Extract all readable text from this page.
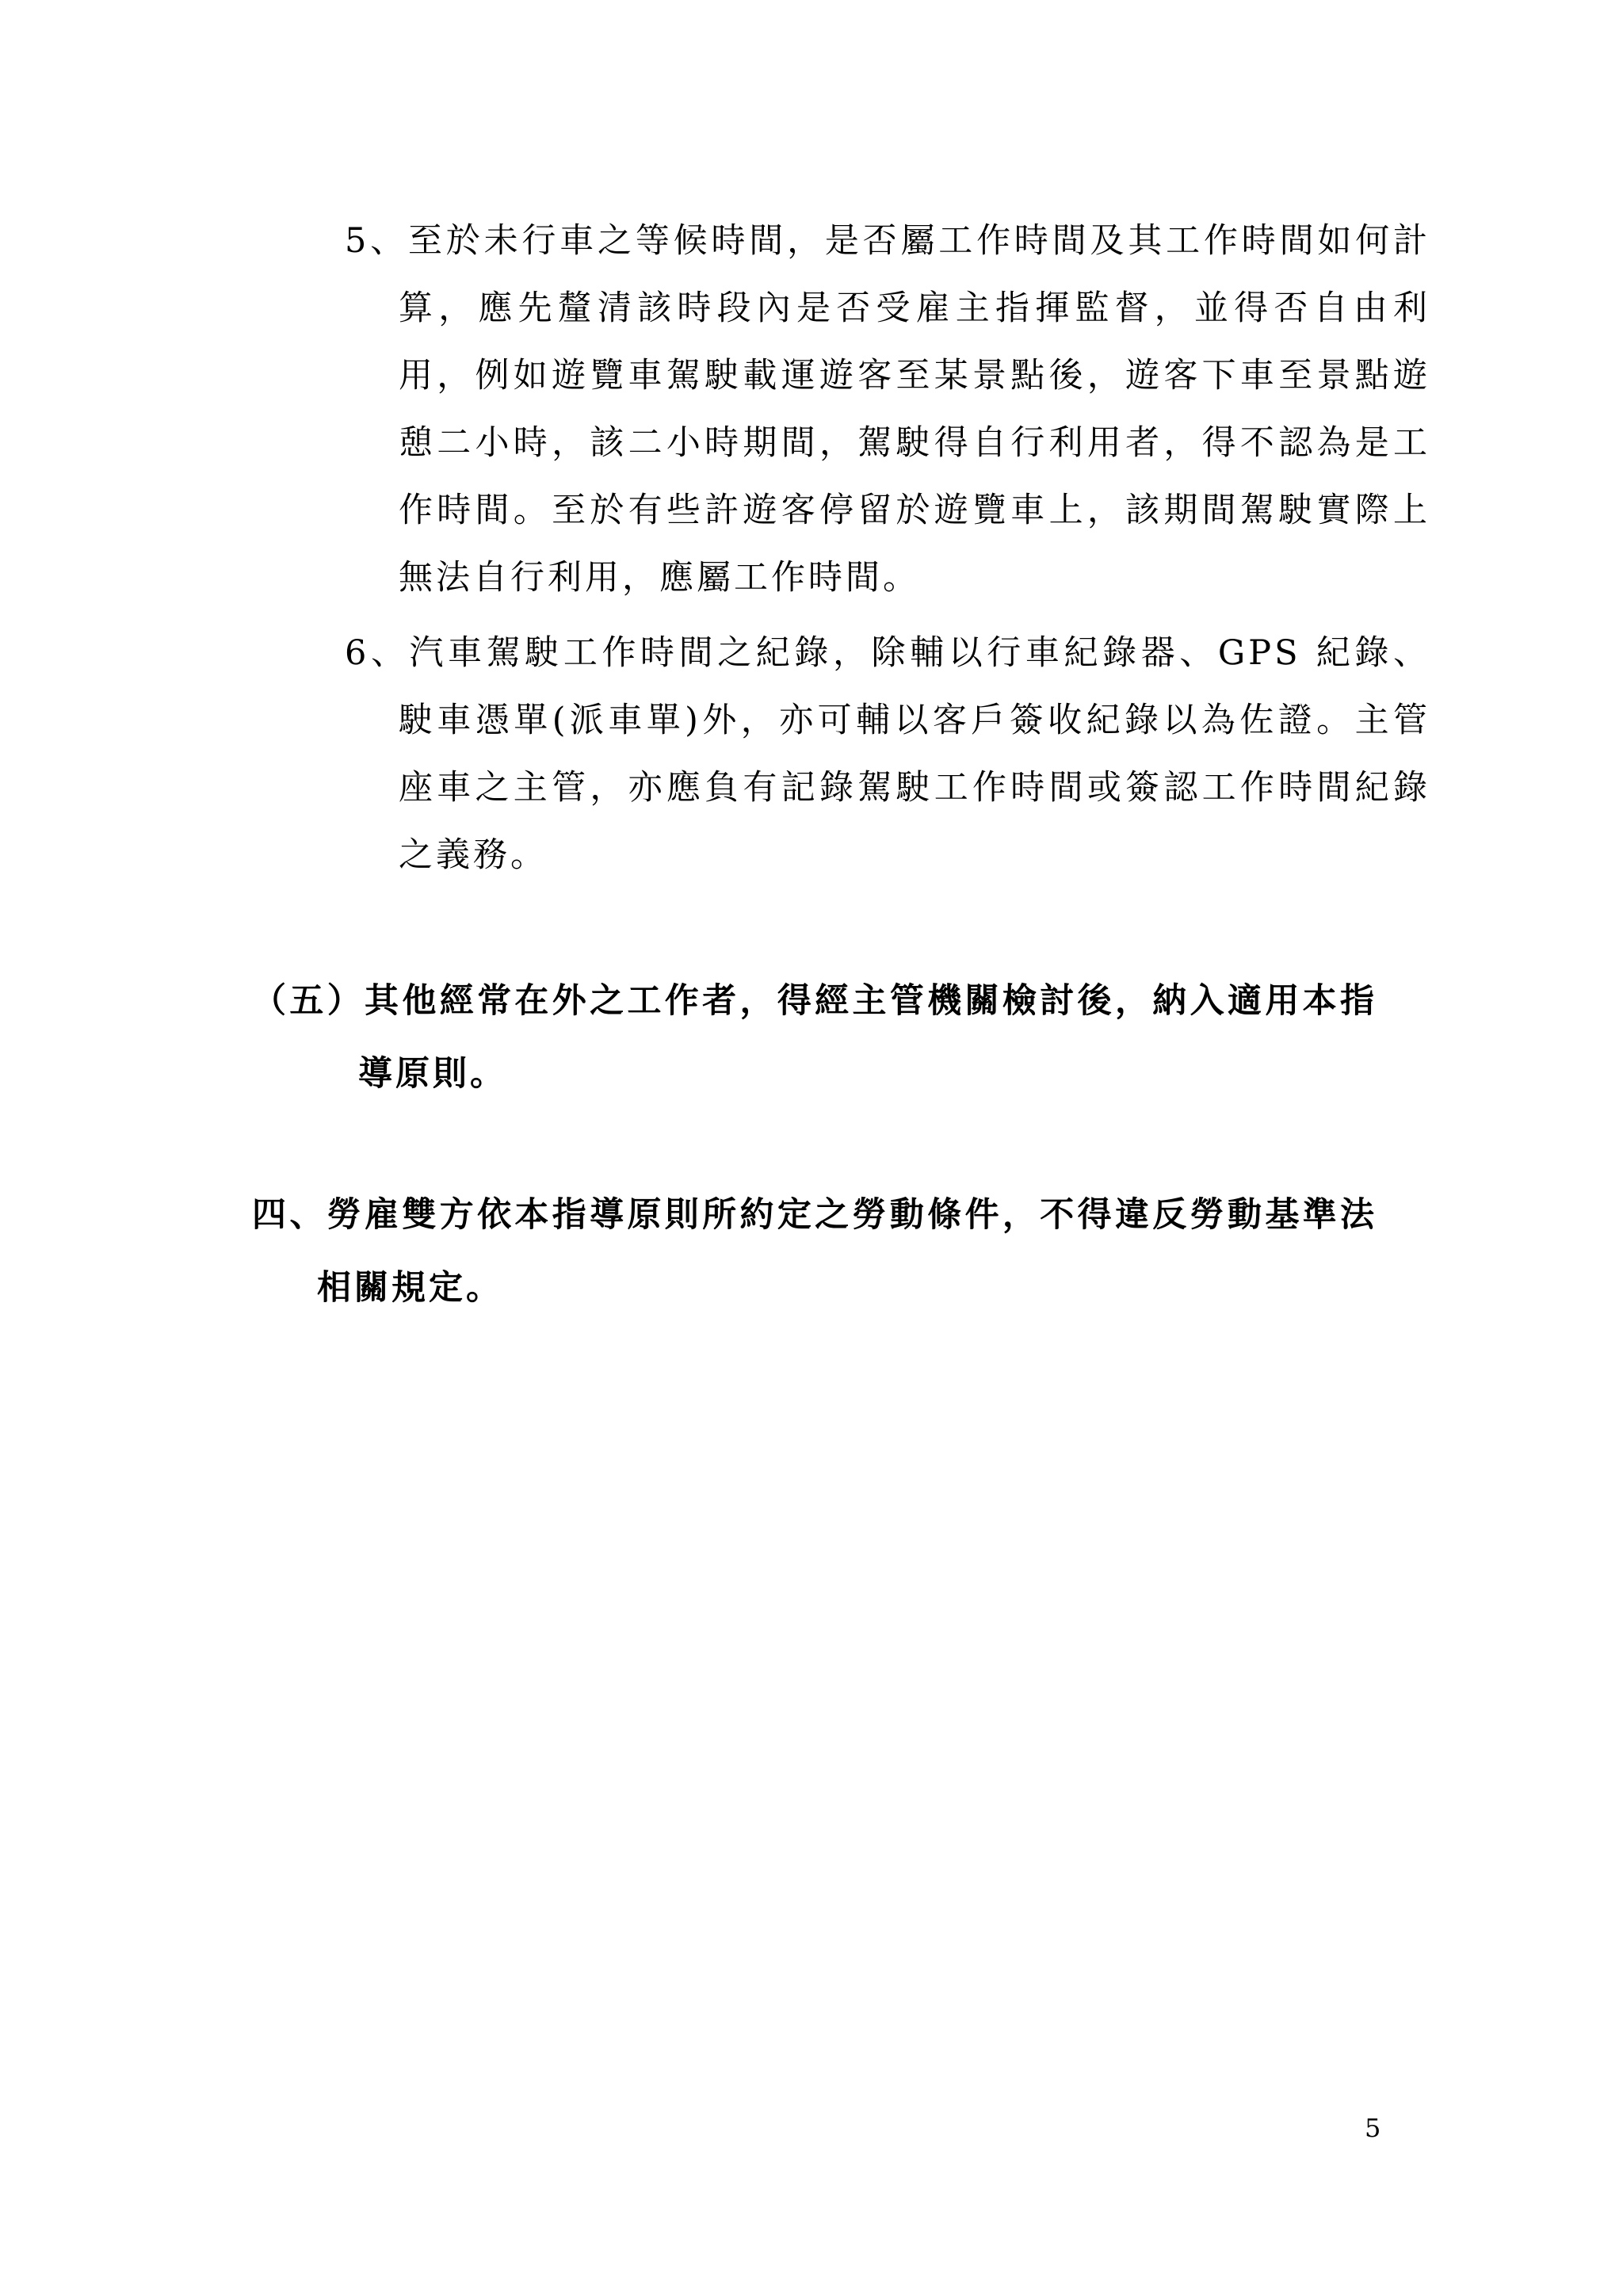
5、至於未行車之等候時間，是否屬工作時間及其工作時間如何計算，應先釐清該時段內是否受雇主指揮監督，並得否自由利用，例如遊覽車駕駛載運遊客至某景點後，遊客下車至景點遊憩二小時，該二小時期間，駕駛得自行利用者，得不認為是工作時間。至於有些許遊客停留於遊覽車上，該期間駕駛實際上無法自行利用，應屬工作時間。
6、汽車駕駛工作時間之紀錄，除輔以行車紀錄器、GPS 紀錄、駛車憑單(派車單)外，亦可輔以客戶簽收紀錄以為佐證。主管座車之主管，亦應負有記錄駕駛工作時間或簽認工作時間紀錄之義務。
（五）其他經常在外之工作者，得經主管機關檢討後，納入適用本指導原則。
四、勞雇雙方依本指導原則所約定之勞動條件，不得違反勞動基準法相關規定。
5
